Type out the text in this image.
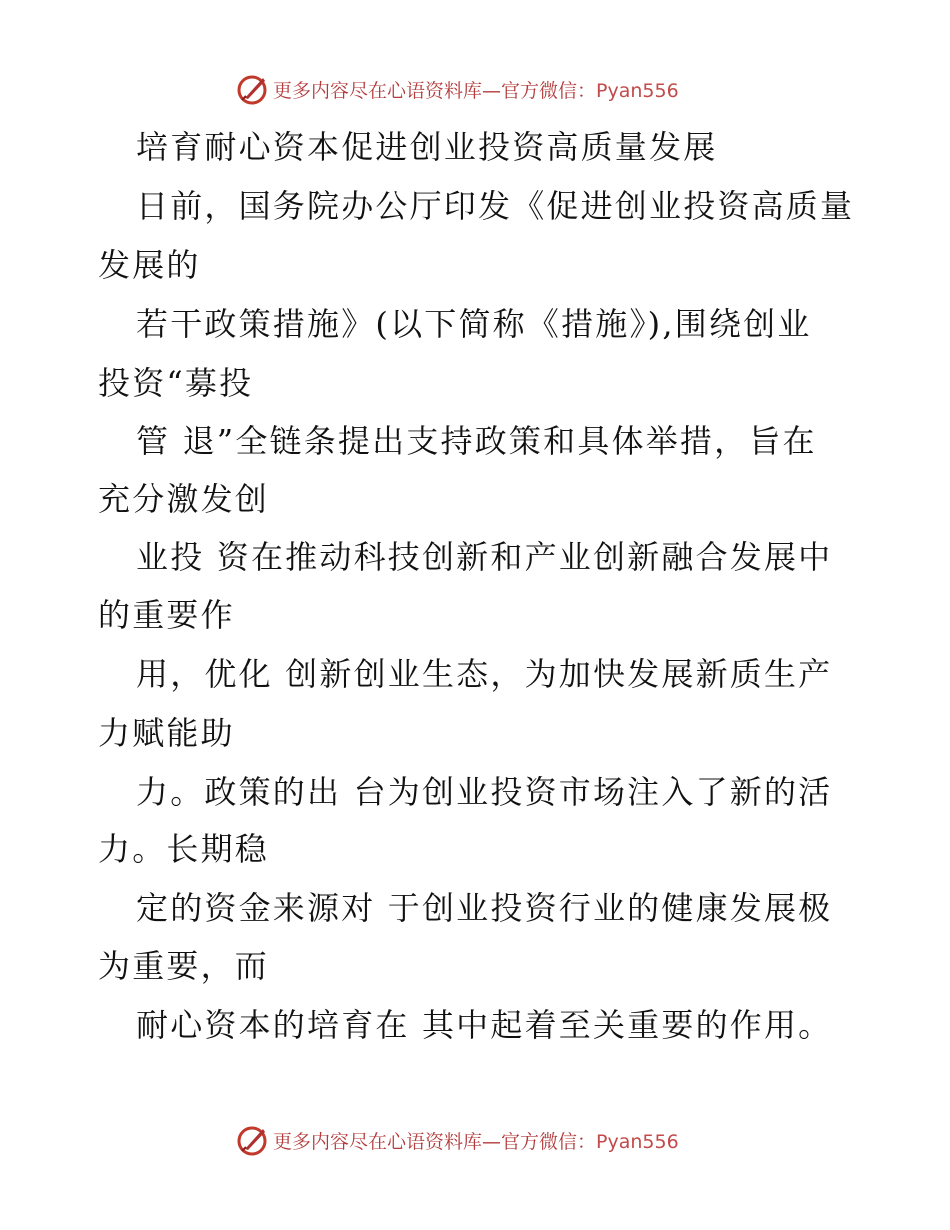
更多内容尽在心语资料库—官方微信：Pyan556
培育耐心资本促进创业投资高质量发展
日前，国务院办公厅印发《促进创业投资高质量
发展的
若干政策措施》(以下简称《措施》),围绕创业
投资“募投
管 退”全链条提出支持政策和具体举措，旨在
充分激发创
业投 资在推动科技创新和产业创新融合发展中
的重要作
用，优化 创新创业生态，为加快发展新质生产
力赋能助
力。政策的出 台为创业投资市场注入了新的活
力。长期稳
定的资金来源对 于创业投资行业的健康发展极
为重要，而
耐心资本的培育在 其中起着至关重要的作用。
更多内容尽在心语资料库—官方微信：Pyan556
